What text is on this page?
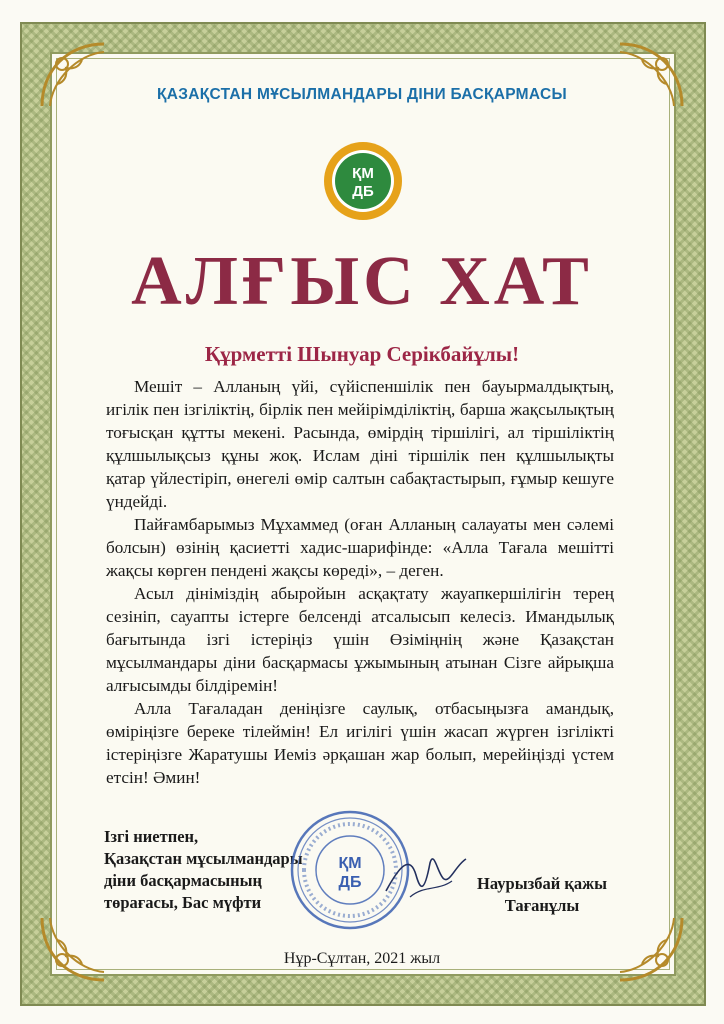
ҚАЗАҚСТАН МҰСЫЛМАНДАРЫ ДІНИ БАСҚАРМАСЫ
ҚМ
ДБ
АЛҒЫС ХАТ
Құрметті Шынуар Серікбайұлы!

Мешіт – Алланың үйі, сүйіспеншілік пен бауырмалдықтың, игілік пен ізгіліктің, бірлік пен мейірімділіктің, барша жақсылықтың тоғысқан құтты мекені. Расында, өмірдің тіршілігі, ал тіршіліктің құлшылықсыз құны жоқ. Ислам діні тіршілік пен құлшылықты қатар үйлестіріп, өнегелі өмір салтын сабақтастырып, ғұмыр кешуге үндейді.

Пайғамбарымыз Мұхаммед (оған Алланың салауаты мен сәлемі болсын) өзінің қасиетті хадис-шарифінде: «Алла Тағала мешітті жақсы көрген пендені жақсы көреді», – деген.

Асыл дініміздің абыройын асқақтату жауапкершілігін терең сезініп, сауапты істерге белсенді атсалысып келесіз. Имандылық бағытында ізгі істеріңіз үшін Өзіміңнің және Қазақстан мұсылмандары діни басқармасы ұжымының атынан Сізге айрықша алғысымды білдіремін!

Алла Тағаладан деніңізге саулық, отбасыңызға амандық, өміріңізге береке тілеймін! Ел игілігі үшін жасап жүрген ізгілікті істеріңізге Жаратушы Иеміз әрқашан жар болып, мерейіңізді үстем етсін! Әмин!

Ізгі ниетпен,
Қазақстан мұсылмандары
діни басқармасының
төрағасы, Бас мүфти
ҚМ
ДБ	Наурызбай қажы
Тағанұлы
Нұр-Сұлтан, 2021 жыл
